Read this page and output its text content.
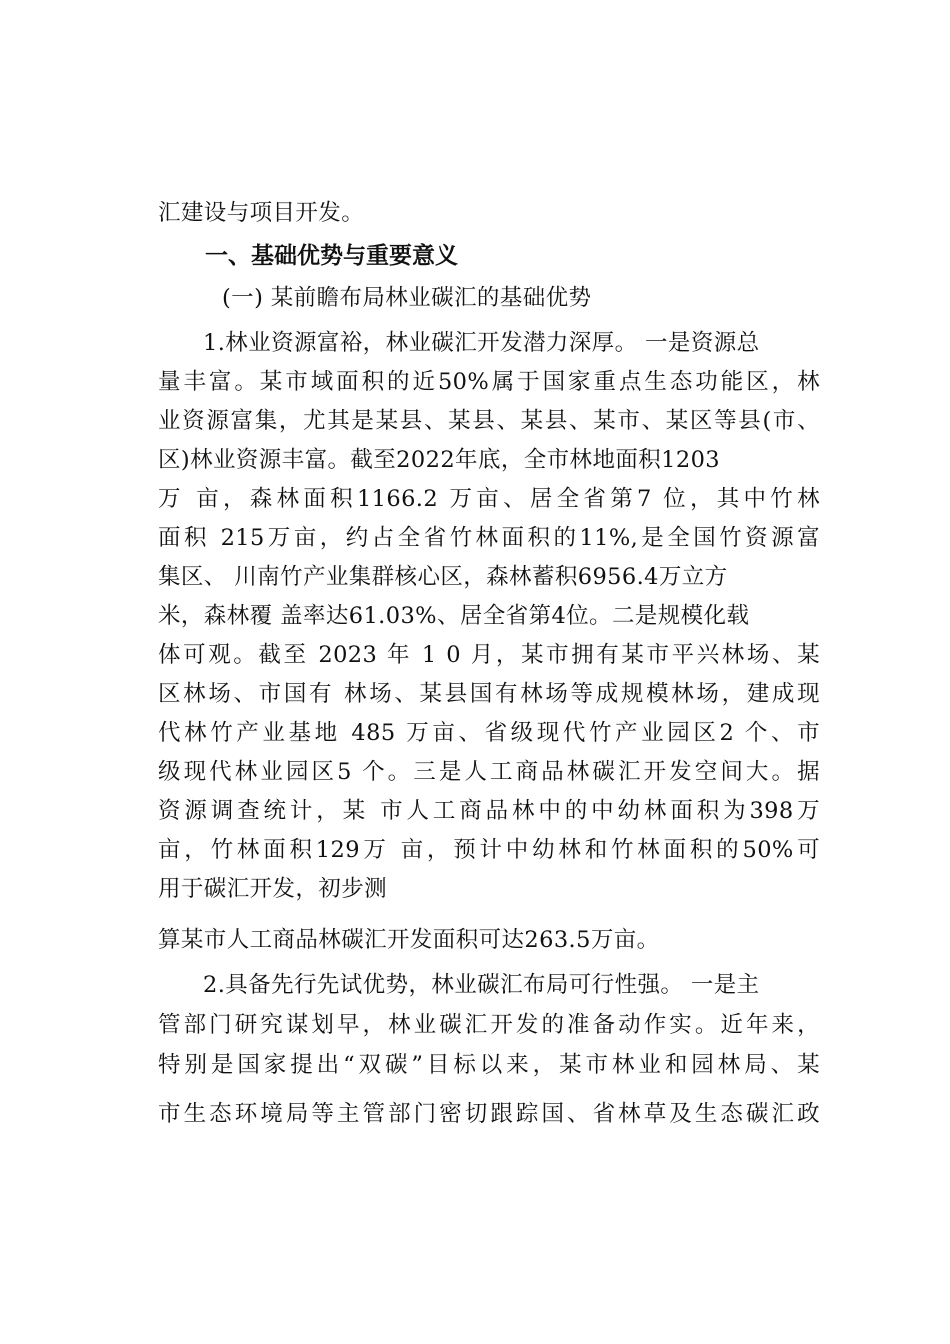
汇建设与项目开发。
一、基础优势与重要意义
(一) 某前瞻布局林业碳汇的基础优势
1.林业资源富裕，林业碳汇开发潜力深厚。 一是资源总
量丰富。某市域面积的近50%属于国家重点生态功能区，林
业资源富集，尤其是某县、某县、某县、某市、某区等县(市、
区)林业资源丰富。截至2022年底，全市林地面积1203
万 亩，森林面积1166.2 万亩、居全省第7 位，其中竹林
面积 215万亩，约占全省竹林面积的11%,是全国竹资源富
集区、 川南竹产业集群核心区，森林蓄积6956.4万立方
米，森林覆 盖率达61.03%、居全省第4位。二是规模化载
体可观。截至 2023 年 1 0 月，某市拥有某市平兴林场、某
区林场、市国有 林场、某县国有林场等成规模林场，建成现
代林竹产业基地 485 万亩、省级现代竹产业园区2 个、市
级现代林业园区5 个。三是人工商品林碳汇开发空间大。据
资源调查统计，某 市人工商品林中的中幼林面积为398万
亩，竹林面积129万 亩，预计中幼林和竹林面积的50%可
用于碳汇开发，初步测
算某市人工商品林碳汇开发面积可达263.5万亩。
2.具备先行先试优势，林业碳汇布局可行性强。 一是主
管部门研究谋划早，林业碳汇开发的准备动作实。近年来，
特别是国家提出“双碳”目标以来，某市林业和园林局、某
市生态环境局等主管部门密切跟踪国、省林草及生态碳汇政
